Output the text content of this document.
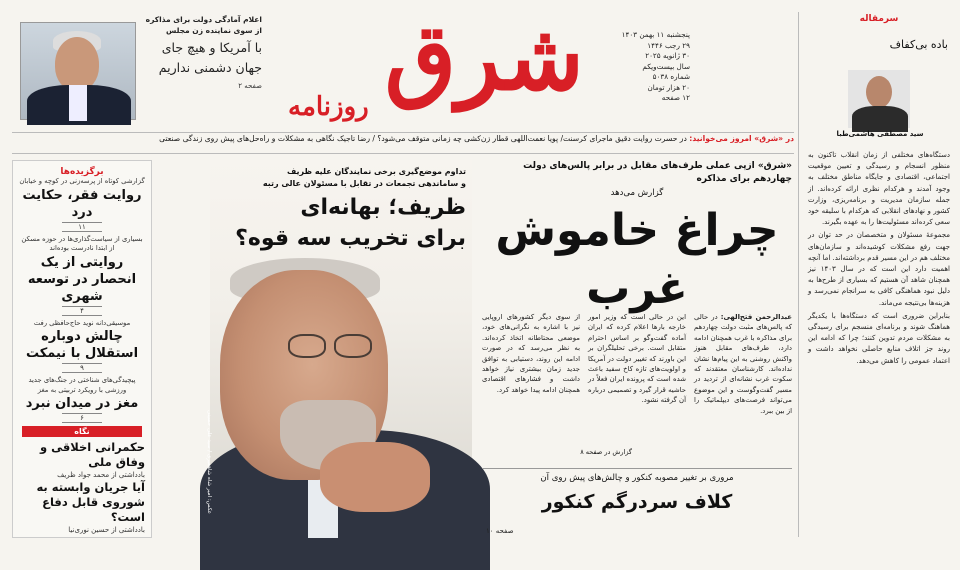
اعلام آمادگی دولت برای مذاکره
از سوی نماینده زن مجلس
با آمریکا و هیچ جای
جهان دشمنی نداریم
صفحه ۲ شرق
روزنامه
پنجشنبه ۱۱ بهمن ۱۴۰۳
۲۹ رجب ۱۴۴۶
۳۰ ژانویه ۲۰۲۵
سال بیست‌ویکم
شماره ۵۰۳۸
۲۰ هزار تومان
۱۲ صفحه
سرمقاله
باده بی‌کفاف
سید مصطفی هاشمی‌طبا

دستگاه‌های مختلفی از زمان انقلاب تا‌کنون به منظور انسجام و رسیدگی و تعیین موقعیت اجتماعی، اقتصادی و جایگاه مناطق مختلف به وجود آمدند و هر‌کدام نظری ارائه کرده‌اند. از جمله سازمان مدیریت و برنامه‌ریزی، وزارت کشور و نهادهای انقلابی که هر‌کدام با سلیقه خود سعی کرده‌اند مسئولیت‌ها را به عهده بگیرند.

مجموعهٔ مسئولان و متخصصان در حد توان در جهت رفع مشکلات کوشیده‌اند و سازمان‌های مختلف هم در این مسیر قدم برداشته‌اند. اما آنچه اهمیت دارد این است که در سال ۱۴۰۳ نیز همچنان شاهد آن هستیم که بسیاری از طرح‌ها به دلیل نبود هماهنگی کافی به سرانجام نمی‌رسد و هزینه‌ها بی‌نتیجه می‌ماند.

بنابراین ضروری است که دستگاه‌ها با یکدیگر هماهنگ شوند و برنامه‌ای منسجم برای رسیدگی به مشکلات مردم تدوین کنند؛ چرا که ادامه این روند جز اتلاف منابع حاصلی نخواهد داشت و اعتماد عمومی را کاهش می‌دهد.

در «شرق» امروز می‌خوانید: در حسرت روایت دقیق ماجرای کرسنت/ پویا نعمت‌اللهی قطار زن‌کشی چه زمانی متوقف می‌شود؟ / رضا تاجیک نگاهی به مشکلات و راه‌حل‌های پیش روی زندگی صنعتی
برگزیده‌ها
گزارشی کوتاه از پرسه‌زنی در کوچه و خیابان
روایت فقر، حکایت درد
۱۱
بسیاری از سیاست‌گذاری‌ها در حوزه مسکن از ابتدا نادرست بوده‌اند
روایتی از یک انحصار در توسعه شهری
۴
موسیقی‌دانه نوید حاج‌حافظی رفت
چالش دوباره استقلال با نیمکت
۹
پیچیدگی‌های شناختی در جنگ‌های جدید ورزشی با رویکرد تربیتی به مغز
مغز در میدان نبرد
۶
نگاه
حکمرانی اخلاقی و وفاق ملی
بادداشتی از محمد جواد ظریف
آیا جریان وابسته به شوروی قابل دفاع است؟
بادداشتی از حسین نوری‌نیا
عکس: امیر شاه شاهمیری / سید علی حسینی
تداوم موضع‌گیری برخی نمایندگان علیه ظریف
و ساماندهی تجمعات در تقابل با مسئولان عالی رتبه
ظریف؛ بهانه‌ای
برای تخریب سه قوه؟
«شرق» از‌پی عملی طرف‌های مقابل در برابر پالس‌های دولت چهاردهم برای مذاکره
گزارش می‌دهد
چراغ خاموش
غرب
عبدالرحمن فتح‌الهی: در حالی که پالس‌های مثبت دولت چهاردهم برای مذاکره با غرب همچنان ادامه دارد، طرف‌های مقابل هنوز واکنش روشنی به این پیام‌ها نشان نداده‌اند. کارشناسان معتقدند که سکوت غرب نشانه‌ای از تردید در مسیر گفت‌وگوست و این موضوع می‌تواند فرصت‌های دیپلماتیک را از بین ببرد.
این در حالی است که وزیر امور خارجه بارها اعلام کرده که ایران آماده گفت‌وگو بر اساس احترام متقابل است. برخی تحلیلگران بر این باورند که تغییر دولت در آمریکا و اولویت‌های تازه کاخ سفید باعث شده است که پرونده ایران فعلاً در حاشیه قرار گیرد و تصمیمی درباره آن گرفته نشود.
از سوی دیگر کشورهای اروپایی نیز با اشاره به نگرانی‌های خود، موضعی محتاطانه اتخاذ کرده‌اند. به نظر می‌رسد که در صورت ادامه این روند، دستیابی به توافق جدید زمان بیشتری نیاز خواهد داشت و فشارهای اقتصادی همچنان ادامه پیدا خواهد کرد.
گزارش در صفحه ۸
مروری بر تغییر مصوبه کنکور و چالش‌های پیش روی آن
کلاف سردرگم کنکور
صفحه ۱۰
